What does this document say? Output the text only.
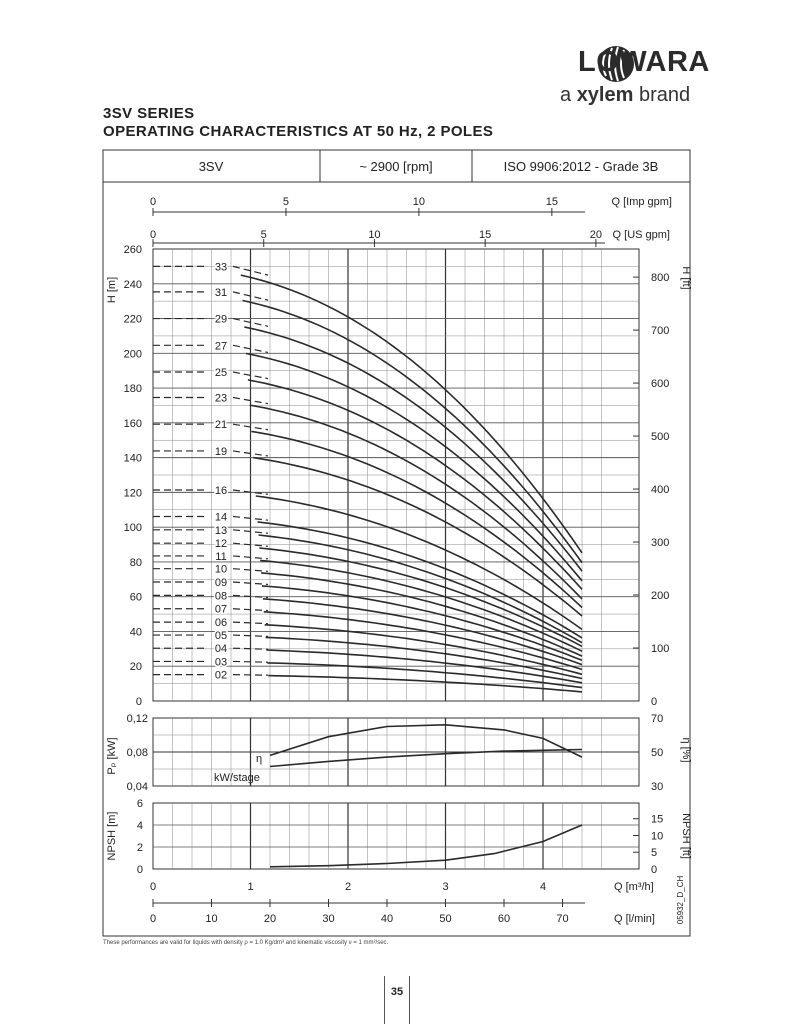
LOWARA
a xylem brand
3SV SERIES
OPERATING CHARACTERISTICS AT 50 Hz, 2 POLES
3SV	~ 2900 [rpm]	ISO 9906:2012 - Grade 3B
0	5	10	15	Q [Imp gpm]
0	5	10	15	20 Q [US gpm]
0
20
40
60
80
100
120
140
160
180
200
220
240
260
H [m]
0
100
200
300
400
500
600
700
800 H [ft]
02
03
04
05
06
07
08
09
10
11
12
13
14
16
19
21
23
25
27
29
31
33
0,04
0,08
0,12
30
50
70
Pₚ [kW]	η [%]
η
kW/stage
0
2
4
6
0
5
10
15
NPSH [m]	NPSH [ft]
0	1	2	3	4	Q [m³/h]
0	10	20	30	40	50	60	70	Q [l/min]	05932_D_CH
These performances are valid for liquids with density ρ = 1.0 Kg/dm³ and kinematic viscosity ν = 1 mm²/sec.
35
